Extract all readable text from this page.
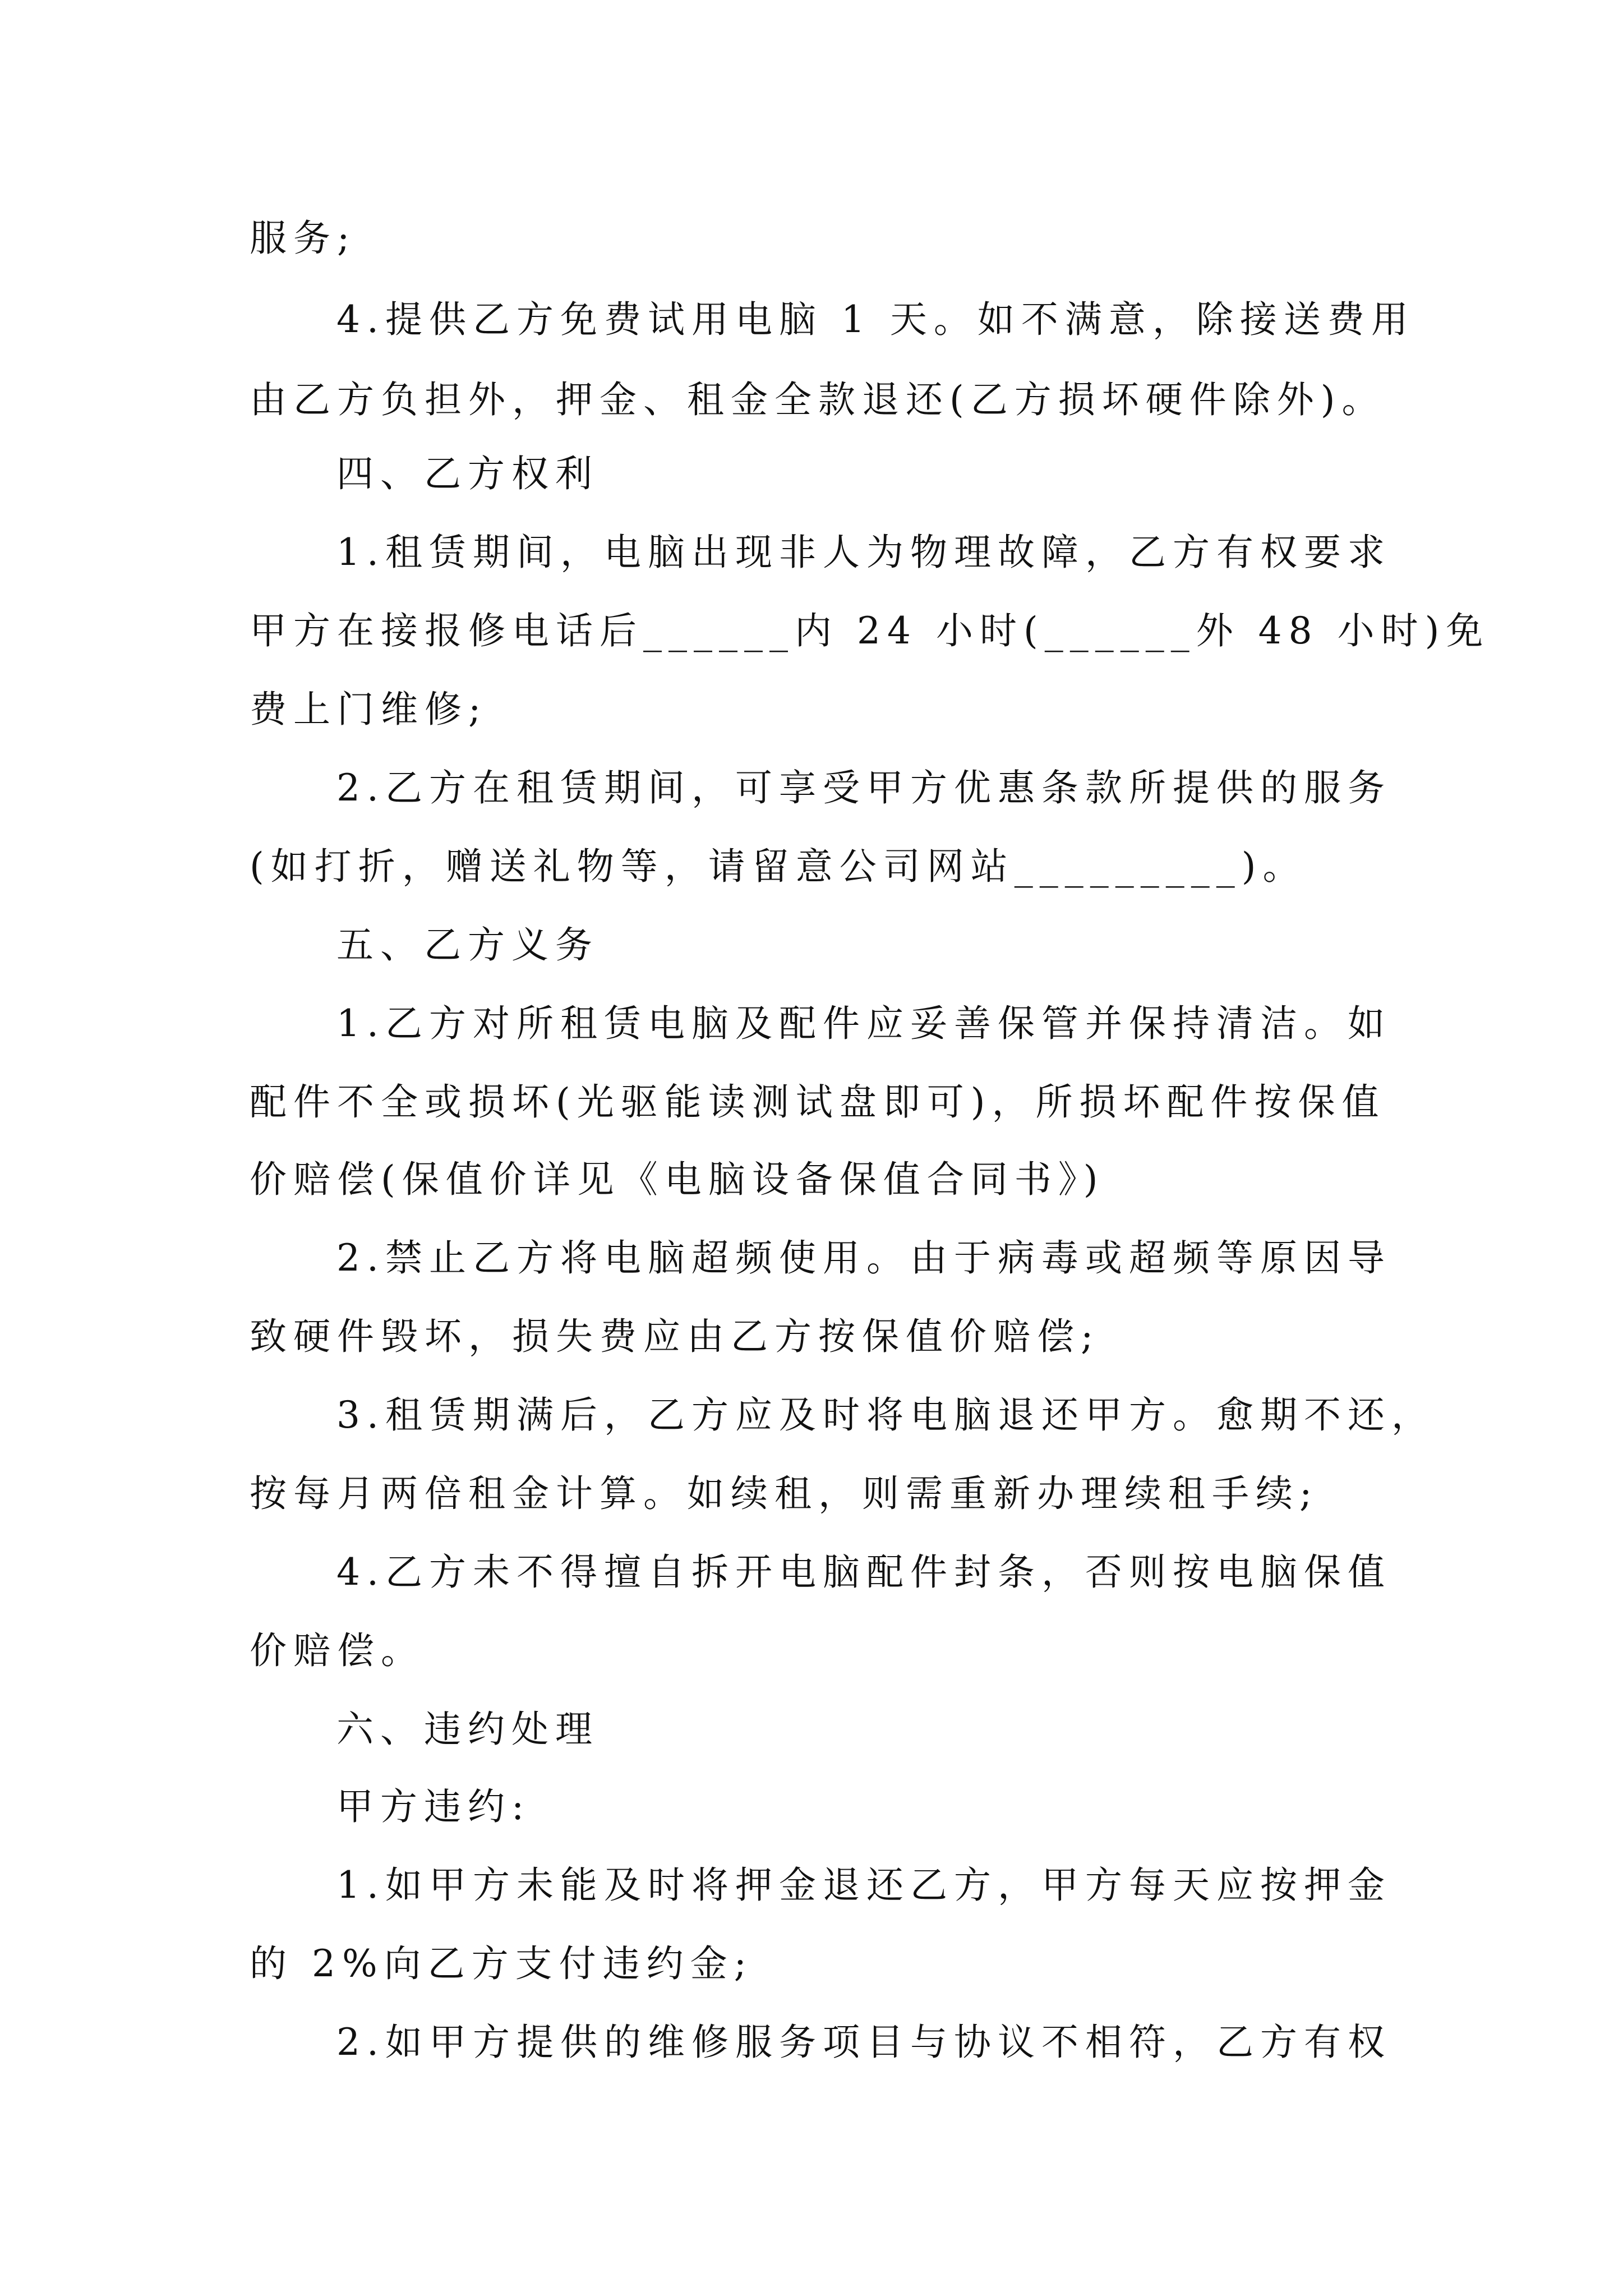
服务;
4.提供乙方免费试用电脑 1 天。如不满意，除接送费用
由乙方负担外，押金、租金全款退还(乙方损坏硬件除外)。
四、乙方权利
1.租赁期间，电脑出现非人为物理故障，乙方有权要求
甲方在接报修电话后______内 24 小时(______外 48 小时)免
费上门维修;
2.乙方在租赁期间，可享受甲方优惠条款所提供的服务
(如打折，赠送礼物等，请留意公司网站_________)。
五、乙方义务
1.乙方对所租赁电脑及配件应妥善保管并保持清洁。如
配件不全或损坏(光驱能读测试盘即可)，所损坏配件按保值
价赔偿(保值价详见《电脑设备保值合同书》)
2.禁止乙方将电脑超频使用。由于病毒或超频等原因导
致硬件毁坏，损失费应由乙方按保值价赔偿;
3.租赁期满后，乙方应及时将电脑退还甲方。愈期不还，
按每月两倍租金计算。如续租，则需重新办理续租手续;
4.乙方未不得擅自拆开电脑配件封条，否则按电脑保值
价赔偿。
六、违约处理
甲方违约:
1.如甲方未能及时将押金退还乙方，甲方每天应按押金
的 2%向乙方支付违约金;
2.如甲方提供的维修服务项目与协议不相符，乙方有权
